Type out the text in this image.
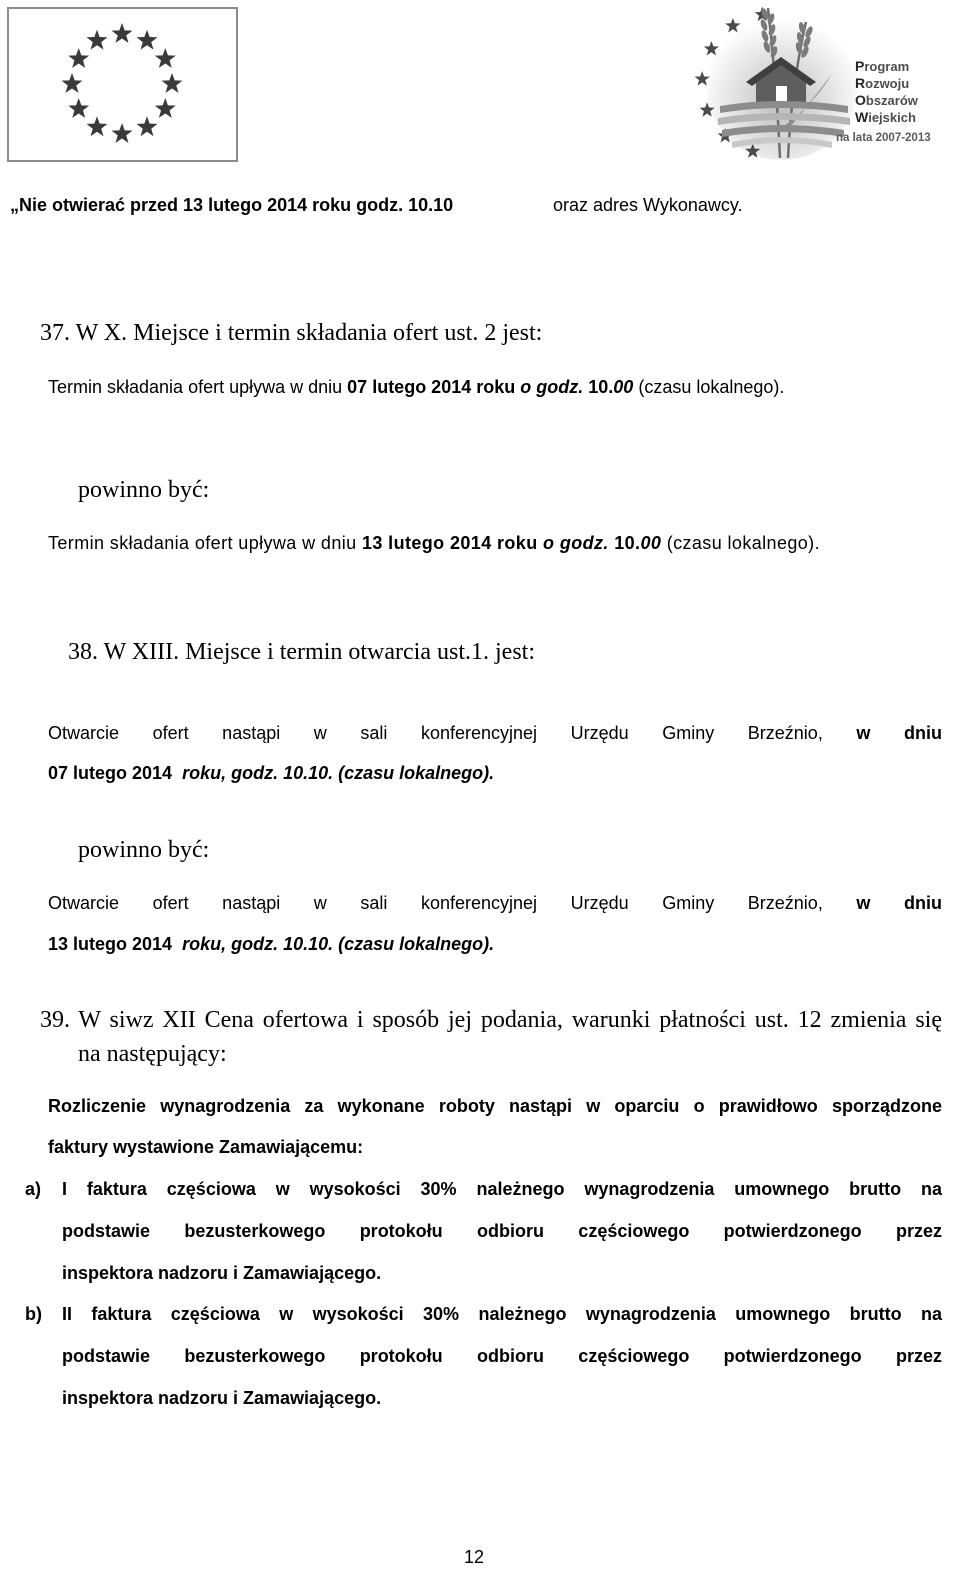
Program
Rozwoju
Obszarów
Wiejskich
na lata 2007-2013
„Nie otwierać przed 13 lutego 2014 roku godz. 10.10	oraz adres Wykonawcy.
37. W X. Miejsce i termin składania ofert ust. 2 jest:
Termin składania ofert upływa w dniu 07 lutego 2014 roku o godz. 10.00 (czasu lokalnego).
powinno być:
Termin składania ofert upływa w dniu 13 lutego 2014 roku o godz. 10.00 (czasu lokalnego).
38. W XIII. Miejsce i termin otwarcia ust.1. jest:
Otwarcie ofert nastąpi w sali konferencyjnej Urzędu Gminy Brzeźnio, w dniu
07 lutego 2014 roku, godz. 10.10. (czasu lokalnego).
powinno być:
Otwarcie ofert nastąpi w sali konferencyjnej Urzędu Gminy Brzeźnio, w dniu
13 lutego 2014 roku, godz. 10.10. (czasu lokalnego).
39. W siwz XII Cena ofertowa i sposób jej podania, warunki płatności ust. 12 zmienia się
na następujący:
Rozliczenie wynagrodzenia za wykonane roboty nastąpi w oparciu o prawidłowo sporządzone
faktury wystawione Zamawiającemu:
a) I faktura częściowa w wysokości 30% należnego wynagrodzenia umownego brutto na
podstawie bezusterkowego protokołu odbioru częściowego potwierdzonego przez
inspektora nadzoru i Zamawiającego.
b) II faktura częściowa w wysokości 30% należnego wynagrodzenia umownego brutto na
podstawie bezusterkowego protokołu odbioru częściowego potwierdzonego przez
inspektora nadzoru i Zamawiającego.
12
